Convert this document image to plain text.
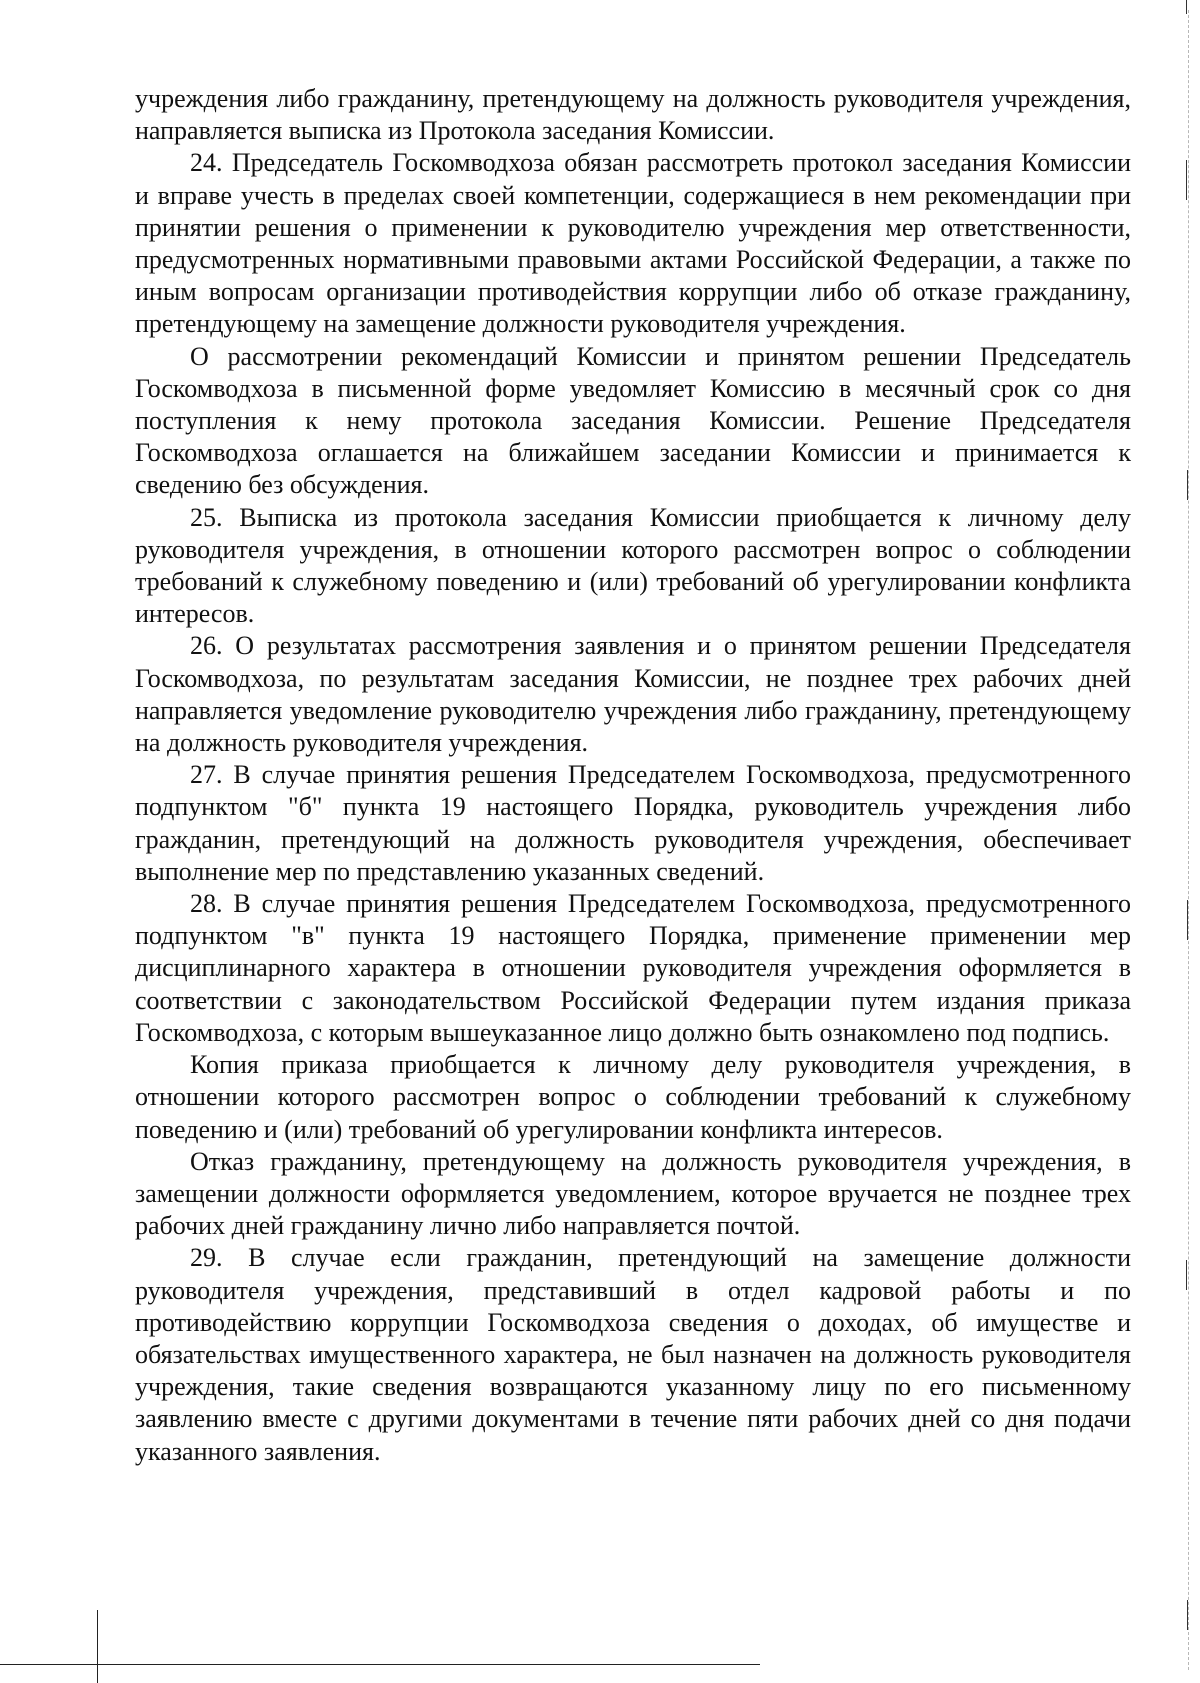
учреждения либо гражданину, претендующему на должность руководителя учреждения, направляется выписка из Протокола заседания Комиссии.

24. Председатель Госкомводхоза обязан рассмотреть протокол заседания Комиссии и вправе учесть в пределах своей компетенции, содержащиеся в нем рекомендации при принятии решения о применении к руководителю учреждения мер ответственности, предусмотренных нормативными правовыми актами Российской Федерации, а также по иным вопросам организации противодействия коррупции либо об отказе гражданину, претендующему на замещение должности руководителя учреждения.

О рассмотрении рекомендаций Комиссии и принятом решении Председатель Госкомводхоза в письменной форме уведомляет Комиссию в месячный срок со дня поступления к нему протокола заседания Комиссии. Решение Председателя Госкомводхоза оглашается на ближайшем заседании Комиссии и принимается к сведению без обсуждения.

25. Выписка из протокола заседания Комиссии приобщается к личному делу руководителя учреждения, в отношении которого рассмотрен вопрос о соблюдении требований к служебному поведению и (или) требований об урегулировании конфликта интересов.

26. О результатах рассмотрения заявления и о принятом решении Председателя Госкомводхоза, по результатам заседания Комиссии, не позднее трех рабочих дней направляется уведомление руководителю учреждения либо гражданину, претендующему на должность руководителя учреждения.

27. В случае принятия решения Председателем Госкомводхоза, предусмотренного подпунктом "б" пункта 19 настоящего Порядка, руководитель учреждения либо гражданин, претендующий на должность руководителя учреждения, обеспечивает выполнение мер по представлению указанных сведений.

28. В случае принятия решения Председателем Госкомводхоза, предусмотренного подпунктом "в" пункта 19 настоящего Порядка, применение применении мер дисциплинарного характера в отношении руководителя учреждения оформляется в соответствии с законодательством Российской Федерации путем издания приказа Госкомводхоза, с которым вышеуказанное лицо должно быть ознакомлено под подпись.

Копия приказа приобщается к личному делу руководителя учреждения, в отношении которого рассмотрен вопрос о соблюдении требований к служебному поведению и (или) требований об урегулировании конфликта интересов.

Отказ гражданину, претендующему на должность руководителя учреждения, в замещении должности оформляется уведомлением, которое вручается не позднее трех рабочих дней гражданину лично либо направляется почтой.

29. В случае если гражданин, претендующий на замещение должности руководителя учреждения, представивший в отдел кадровой работы и по противодействию коррупции Госкомводхоза сведения о доходах, об имуществе и обязательствах имущественного характера, не был назначен на должность руководителя учреждения, такие сведения возвращаются указанному лицу по его письменному заявлению вместе с другими документами в течение пяти рабочих дней со дня подачи указанного заявления.
